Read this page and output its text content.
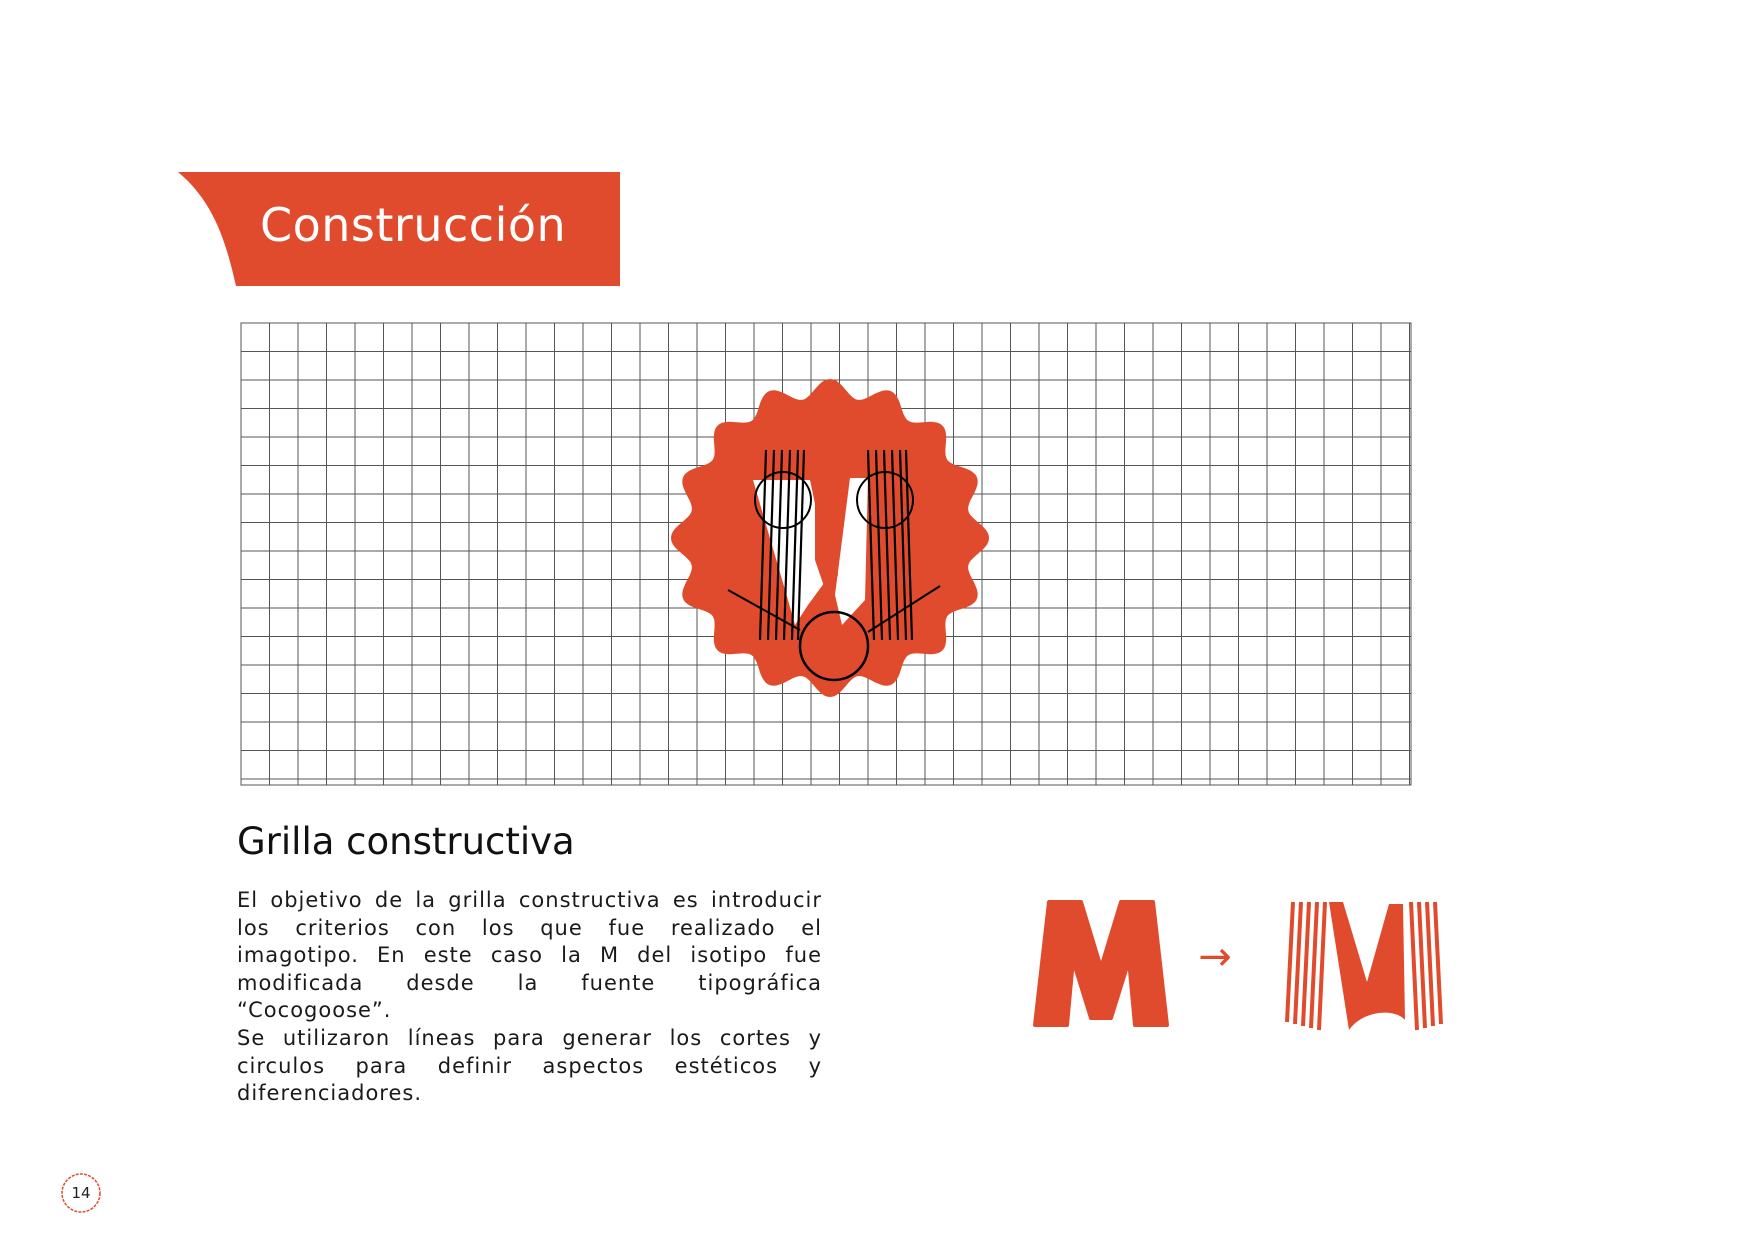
Construcción
Grilla constructiva
El objetivo de la grilla constructiva es introducir los criterios con los que fue realizado el imagotipo. En este caso la M del isotipo fue modificada desde la fuente tipográfica “Cocogoose”.
Se utilizaron líneas para generar los cortes y circulos para definir aspectos estéticos y diferenciadores.
→
14
